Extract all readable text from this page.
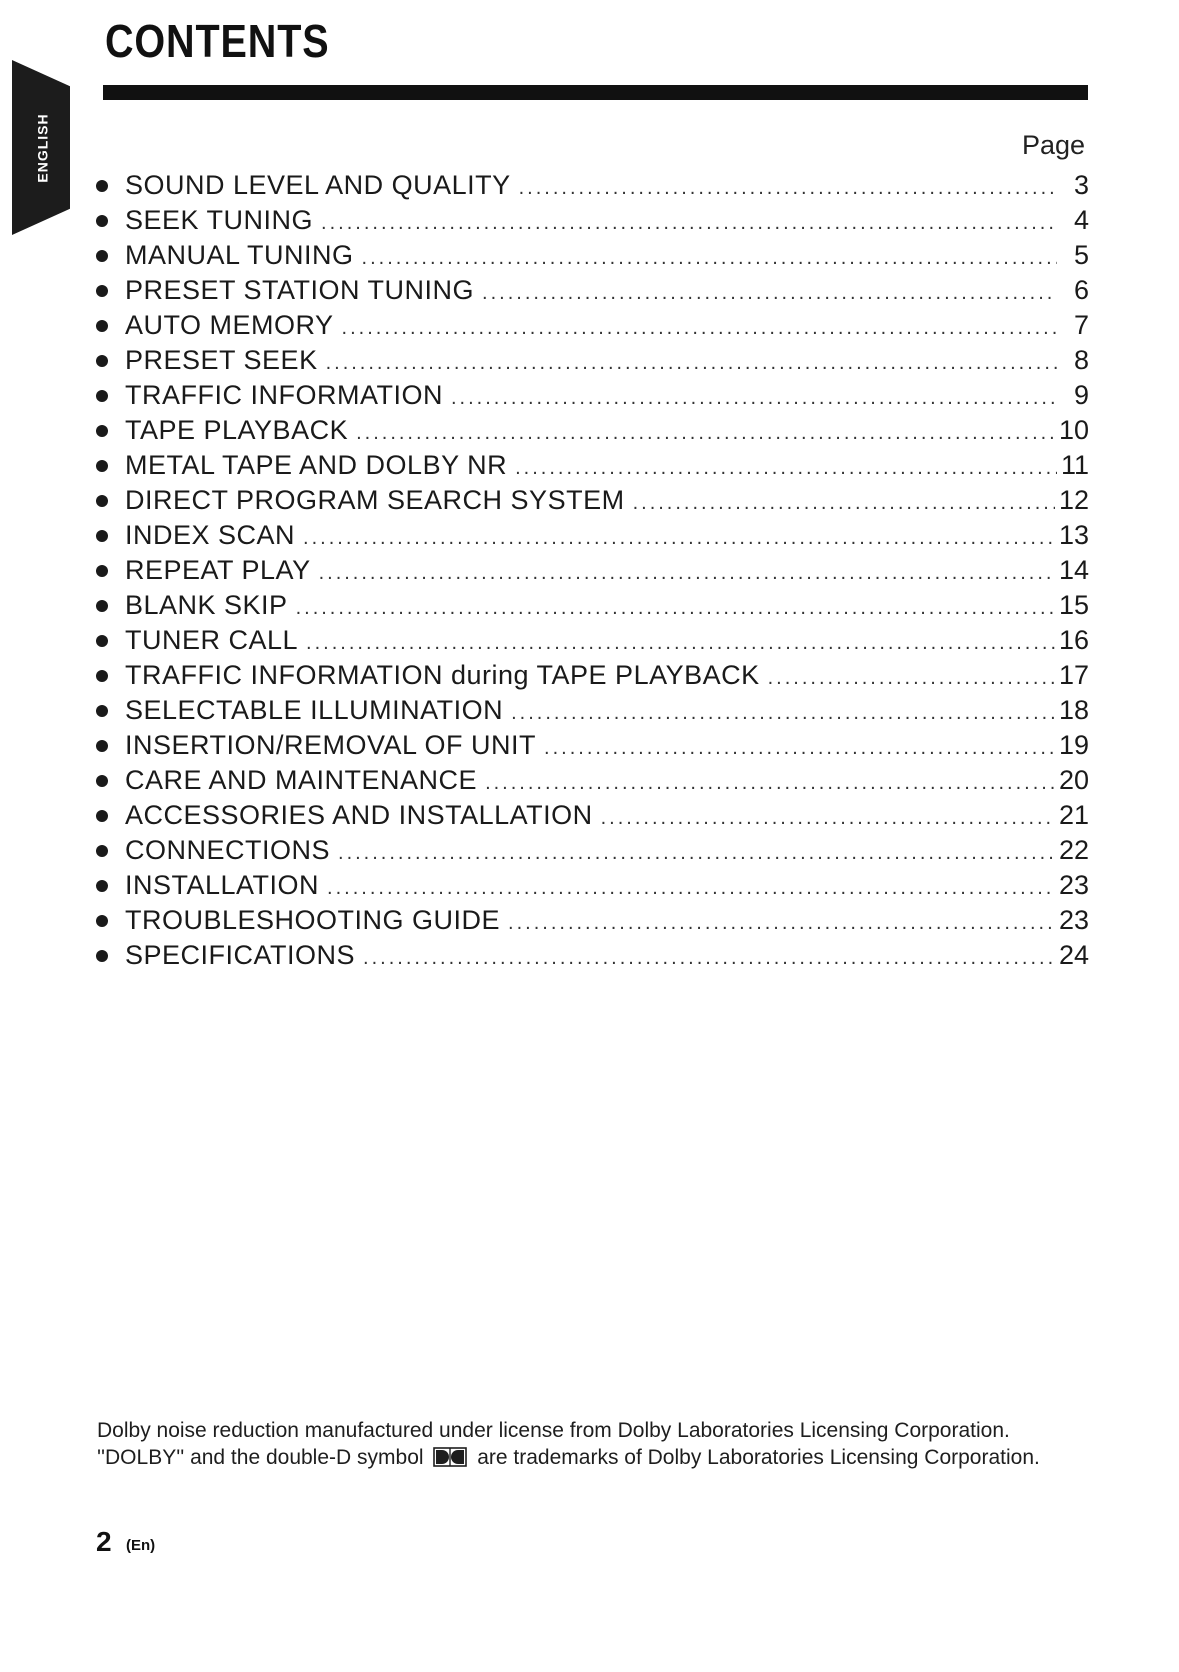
ENGLISH
CONTENTS
Page
SOUND LEVEL AND QUALITY .....	3
SEEK TUNING .....	4
MANUAL TUNING .....	5
PRESET STATION TUNING .....	6
AUTO MEMORY .....	7
PRESET SEEK .....	8
TRAFFIC INFORMATION .....	9
TAPE PLAYBACK .....	10
METAL TAPE AND DOLBY NR .....	11
DIRECT PROGRAM SEARCH SYSTEM .....	12
INDEX SCAN .....	13
REPEAT PLAY .....	14
BLANK SKIP .....	15
TUNER CALL .....	16
TRAFFIC INFORMATION during TAPE PLAYBACK .....	17
SELECTABLE ILLUMINATION .....	18
INSERTION/REMOVAL OF UNIT .....	19
CARE AND MAINTENANCE .....	20
ACCESSORIES AND INSTALLATION .....	21
CONNECTIONS .....	22
INSTALLATION .....	23
TROUBLESHOOTING GUIDE .....	23
SPECIFICATIONS .....	24

Dolby noise reduction manufactured under license from Dolby Laboratories Licensing Corporation.

''DOLBY'' and the double-D symbol	are trademarks of Dolby Laboratories Licensing Corporation.

2 (En)
